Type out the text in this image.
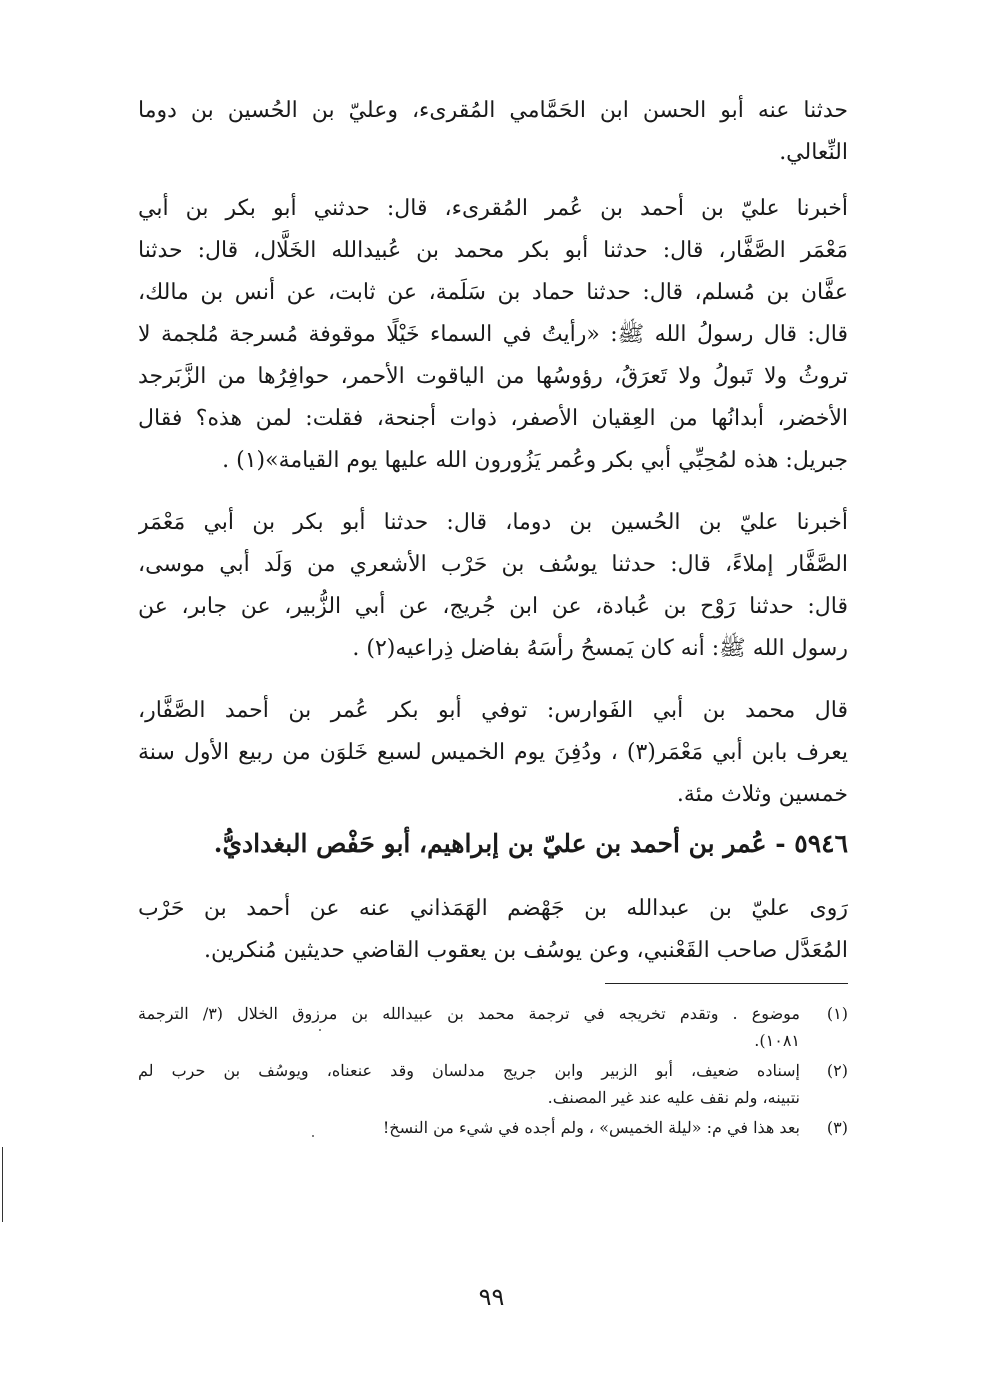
حدثنا عنه أبو الحسن ابن الحَمَّامي المُقرىء، وعليّ بن الحُسين بن دوما
النِّعالي.
أخبرنا عليّ بن أحمد بن عُمر المُقرىء، قال: حدثني أبو بكر بن أبي
مَعْمَر الصَّفَّار، قال: حدثنا أبو بكر محمد بن عُبيدالله الخَلَّال، قال: حدثنا
عفَّان بن مُسلم، قال: حدثنا حماد بن سَلَمة، عن ثابت، عن أنس بن مالك،
قال: قال رسولُ الله ﷺ: «رأيتُ في السماء خَيْلًا موقوفة مُسرجة مُلجمة لا
تروثُ ولا تَبولُ ولا تَعرَقُ، رؤوسُها من الياقوت الأحمر، حوافِرُها من الزَّبَرجد
الأخضر، أبدانُها من العِقيان الأصفر، ذوات أجنحة، فقلت: لمن هذه؟ فقال
جبريل: هذه لمُحِبِّي أبي بكر وعُمر يَزُورون الله عليها يوم القيامة»(١) .
أخبرنا عليّ بن الحُسين بن دوما، قال: حدثنا أبو بكر بن أبي مَعْمَر
الصَّفَّار إملاءً، قال: حدثنا يوسُف بن حَرْب الأشعري من وَلَد أبي موسى،
قال: حدثنا رَوْح بن عُبادة، عن ابن جُريج، عن أبي الزُّبير، عن جابر، عن
رسول الله ﷺ: أنه كان يَمسحُ رأسَهُ بفاضل ذِراعيه(٢) .
قال محمد بن أبي الفَوارس: توفي أبو بكر عُمر بن أحمد الصَّفَّار،
يعرف بابن أبي مَعْمَر(٣) ، ودُفِنَ يوم الخميس لسبع خَلوَن من ربيع الأول سنة
خمسين وثلاث مئة.
٥٩٤٦ - عُمر بن أحمد بن عليّ بن إبراهيم، أبو حَفْص البغداديُّ.
رَوى عليّ بن عبدالله بن جَهْضم الهَمَذاني عنه عن أحمد بن حَرْب
المُعَدَّل صاحب القَعْنبي، وعن يوسُف بن يعقوب القاضي حديثين مُنكرين.
(١)
موضوع . وتقدم تخريجه في ترجمة محمد بن عبيدالله بن مرزوق الخلال (٣/ الترجمة
١٠٨١).
(٢)
إسناده ضعيف، أبو الزبير وابن جريج مدلسان وقد عنعناه، ويوسُف بن حرب لم
نتبينه، ولم نقف عليه عند غير المصنف.
(٣)
بعد هذا في م: «ليلة الخميس» ، ولم أجده في شيء من النسخ!
٩٩
